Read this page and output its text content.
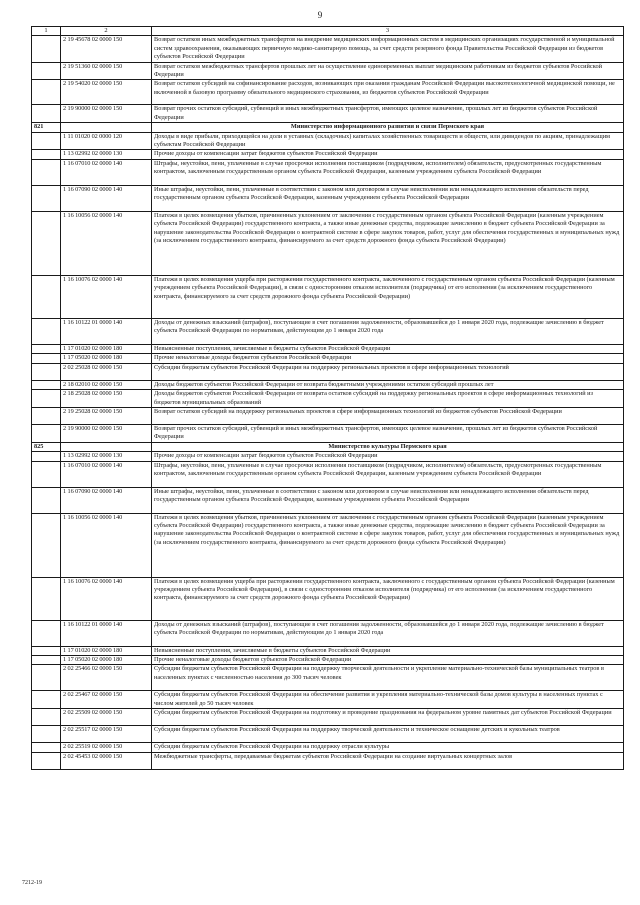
9
1	2	3
	2 19 45678 02 0000 150	Возврат остатков иных межбюджетных трансфертов на внедрение медицинских информационных систем в медицинских организациях государственной и муниципальной систем здравоохранения, оказывающих первичную медико-санитарную помощь, за счет средств резервного фонда Правительства Российской Федерации из бюджетов субъектов Российской Федерации
	2 19 51360 02 0000 150	Возврат остатков межбюджетных трансфертов прошлых лет на осуществление единовременных выплат медицинским работникам из бюджетов субъектов Российской Федерации
	2 19 54020 02 0000 150	Возврат остатков субсидий на софинансирование расходов, возникающих при оказании гражданам Российской Федерации высокотехнологичной медицинской помощи, не включенной в базовую программу обязательного медицинского страхования, из бюджетов субъектов Российской Федерации
	2 19 90000 02 0000 150	Возврат прочих остатков субсидий, субвенций и иных межбюджетных трансфертов, имеющих целевое назначение, прошлых лет из бюджетов субъектов Российской Федерации
821		Министерство информационного развития и связи Пермского края
	1 11 01020 02 0000 120	Доходы в виде прибыли, приходящейся на доли в уставных (складочных) капиталах хозяйственных товариществ и обществ, или дивидендов по акциям, принадлежащим субъектам Российской Федерации
	1 13 02992 02 0000 130	Прочие доходы от компенсации затрат бюджетов субъектов Российской Федерации
	1 16 07010 02 0000 140	Штрафы, неустойки, пени, уплаченные в случае просрочки исполнения поставщиком (подрядчиком, исполнителем) обязательств, предусмотренных государственным контрактом, заключенным государственным органом субъекта Российской Федерации, казенным учреждением субъекта Российской Федерации
	1 16 07090 02 0000 140	Иные штрафы, неустойки, пени, уплаченные в соответствии с законом или договором в случае неисполнения или ненадлежащего исполнения обязательств перед государственным органом субъекта Российской Федерации, казенным учреждением субъекта Российской Федерации
	1 16 10056 02 0000 140	Платежи в целях возмещения убытков, причиненных уклонением от заключения с государственным органом субъекта Российской Федерации (казенным учреждением субъекта Российской Федерации) государственного контракта, а также иные денежные средства, подлежащие зачислению в бюджет субъекта Российской Федерации за нарушение законодательства Российской Федерации о контрактной системе в сфере закупок товаров, работ, услуг для обеспечения государственных и муниципальных нужд (за исключением государственного контракта, финансируемого за счет средств дорожного фонда субъекта Российской Федерации)
	1 16 10076 02 0000 140	Платежи в целях возмещения ущерба при расторжении государственного контракта, заключенного с государственным органом субъекта Российской Федерации (казенным учреждением субъекта Российской Федерации), в связи с односторонним отказом исполнителя (подрядчика) от его исполнения (за исключением государственного контракта, финансируемого за счет средств дорожного фонда субъекта Российской Федерации)
	1 16 10122 01 0000 140	Доходы от денежных взысканий (штрафов), поступающие в счет погашения задолженности, образовавшейся до 1 января 2020 года, подлежащие зачислению в бюджет субъекта Российской Федерации по нормативам, действующим до 1 января 2020 года
	1 17 01020 02 0000 180	Невыясненные поступления, зачисляемые в бюджеты субъектов Российской Федерации
	1 17 05020 02 0000 180	Прочие неналоговые доходы бюджетов субъектов Российской Федерации
	2 02 25028 02 0000 150	Субсидии бюджетам субъектов Российской Федерации на поддержку региональных проектов в сфере информационных технологий
	2 18 02010 02 0000 150	Доходы бюджетов субъектов Российской Федерации от возврата бюджетными учреждениями остатков субсидий прошлых лет
	2 18 25028 02 0000 150	Доходы бюджетов субъектов Российской Федерации от возврата остатков субсидий на поддержку региональных проектов в сфере информационных технологий из бюджетов муниципальных образований
	2 19 25028 02 0000 150	Возврат остатков субсидий на поддержку региональных проектов в сфере информационных технологий из бюджетов субъектов Российской Федерации
	2 19 90000 02 0000 150	Возврат прочих остатков субсидий, субвенций и иных межбюджетных трансфертов, имеющих целевое назначение, прошлых лет из бюджетов субъектов Российской Федерации
825		Министерство культуры Пермского края
	1 13 02992 02 0000 130	Прочие доходы от компенсации затрат бюджетов субъектов Российской Федерации
	1 16 07010 02 0000 140	Штрафы, неустойки, пени, уплаченные в случае просрочки исполнения поставщиком (подрядчиком, исполнителем) обязательств, предусмотренных государственным контрактом, заключенным государственным органом субъекта Российской Федерации, казенным учреждением субъекта Российской Федерации
	1 16 07090 02 0000 140	Иные штрафы, неустойки, пени, уплаченные в соответствии с законом или договором в случае неисполнения или ненадлежащего исполнения обязательств перед государственным органом субъекта Российской Федерации, казенным учреждением субъекта Российской Федерации
	1 16 10056 02 0000 140	Платежи в целях возмещения убытков, причиненных уклонением от заключения с государственным органом субъекта Российской Федерации (казенным учреждением субъекта Российской Федерации) государственного контракта, а также иные денежные средства, подлежащие зачислению в бюджет субъекта Российской Федерации за нарушение законодательства Российской Федерации о контрактной системе в сфере закупок товаров, работ, услуг для обеспечения государственных и муниципальных нужд (за исключением государственного контракта, финансируемого за счет средств дорожного фонда субъекта Российской Федерации)
	1 16 10076 02 0000 140	Платежи в целях возмещения ущерба при расторжении государственного контракта, заключенного с государственным органом субъекта Российской Федерации (казенным учреждением субъекта Российской Федерации), в связи с односторонним отказом исполнителя (подрядчика) от его исполнения (за исключением государственного контракта, финансируемого за счет средств дорожного фонда субъекта Российской Федерации)
	1 16 10122 01 0000 140	Доходы от денежных взысканий (штрафов), поступающие в счет погашения задолженности, образовавшейся до 1 января 2020 года, подлежащие зачислению в бюджет субъекта Российской Федерации по нормативам, действующим до 1 января 2020 года
	1 17 01020 02 0000 180	Невыясненные поступления, зачисляемые в бюджеты субъектов Российской Федерации
	1 17 05020 02 0000 180	Прочие неналоговые доходы бюджетов субъектов Российской Федерации
	2 02 25466 02 0000 150	Субсидии бюджетам субъектов Российской Федерации на поддержку творческой деятельности и укрепление материально-технической базы муниципальных театров в населенных пунктах с численностью населения до 300 тысяч человек
	2 02 25467 02 0000 150	Субсидии бюджетам субъектов Российской Федерации на обеспечение развития и укрепления материально-технической базы домов культуры в населенных пунктах с числом жителей до 50 тысяч человек
	2 02 25509 02 0000 150	Субсидии бюджетам субъектов Российской Федерации на подготовку и проведение празднования на федеральном уровне памятных дат субъектов Российской Федерации
	2 02 25517 02 0000 150	Субсидии бюджетам субъектов Российской Федерации на поддержку творческой деятельности и техническое оснащение детских и кукольных театров
	2 02 25519 02 0000 150	Субсидии бюджетам субъектов Российской Федерации на поддержку отрасли культуры
	2 02 45453 02 0000 150	Межбюджетные трансферты, передаваемые бюджетам субъектов Российской Федерации на создание виртуальных концертных залов
7212-19
